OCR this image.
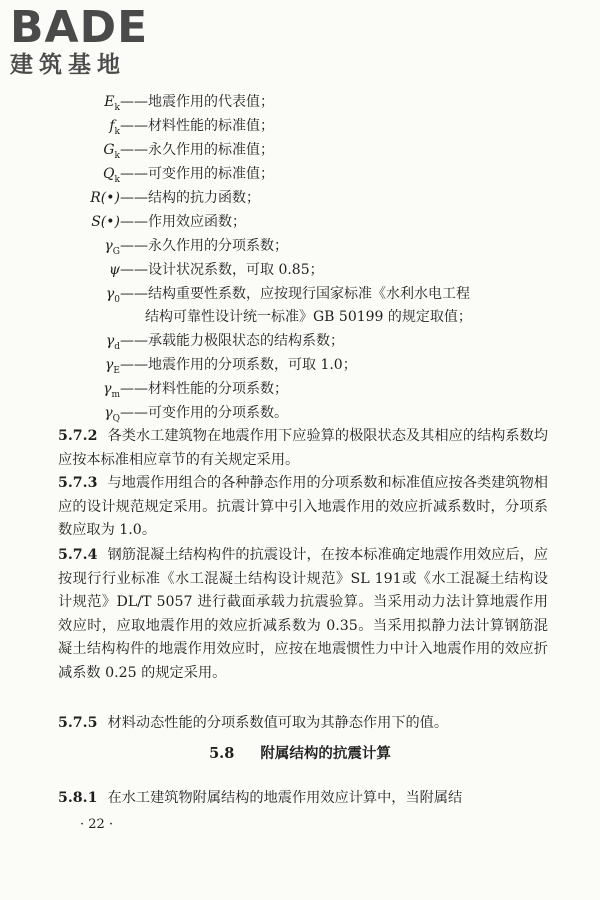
BADE
建筑基地
$E_k$ ——地震作用的代表值；
$f_k$ ——材料性能的标准值；
$G_k$ ——永久作用的标准值；
$Q_k$ ——可变作用的标准值；
R(•) ——结构的抗力函数；
S(•) ——作用效应函数；
$\gamma_G$ ——永久作用的分项系数；
ψ ——设计状况系数，可取 0.85；
$\gamma_0$ ——结构重要性系数，应按现行国家标准《水利水电工程
结构可靠性设计统一标准》GB 50199 的规定取值；
$\gamma_d$ ——承载能力极限状态的结构系数；
$\gamma_E$ ——地震作用的分项系数，可取 1.0；
$\gamma_m$ ——材料性能的分项系数；
$\gamma_Q$ ——可变作用的分项系数。
5.7.2 各类水工建筑物在地震作用下应验算的极限状态及其相应的结构系数均应按本标准相应章节的有关规定采用。
5.7.3 与地震作用组合的各种静态作用的分项系数和标准值应按各类建筑物相应的设计规范规定采用。抗震计算中引入地震作用的效应折减系数时，分项系数应取为 1.0。
5.7.4 钢筋混凝土结构构件的抗震设计，在按本标准确定地震作用效应后，应按现行行业标准《水工混凝土结构设计规范》SL 191或《水工混凝土结构设计规范》DL/T 5057 进行截面承载力抗震验算。当采用动力法计算地震作用效应时，应取地震作用的效应折减系数为 0.35。当采用拟静力法计算钢筋混凝土结构构件的地震作用效应时，应按在地震惯性力中计入地震作用的效应折减系数 0.25 的规定采用。
5.7.5 材料动态性能的分项系数值可取为其静态作用下的值。
5.8 附属结构的抗震计算
5.8.1 在水工建筑物附属结构的地震作用效应计算中，当附属结
· 22 ·
